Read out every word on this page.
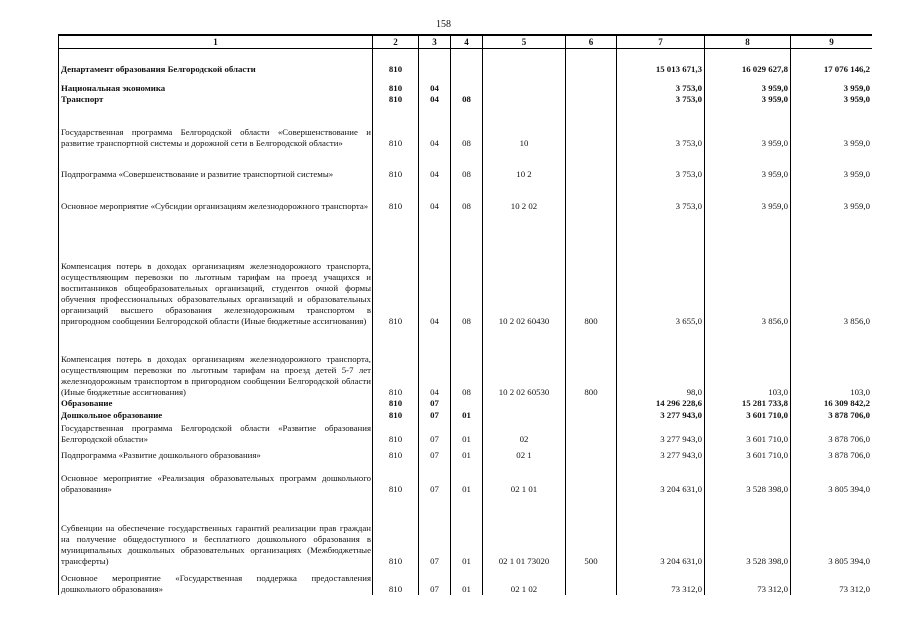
158
1	2	3	4	5	6	7	8	9
Департамент образования Белгородской области	810					15 013 671,3	16 029 627,8	17 076 146,2
Национальная экономика	810	04				3 753,0	3 959,0	3 959,0
Транспорт	810	04	08			3 753,0	3 959,0	3 959,0
Государственная программа Белгородской области «Совершенствование и развитие транспортной системы и дорожной сети в Белгородской области»	810	04	08	10		3 753,0	3 959,0	3 959,0
Подпрограмма «Совершенствование и развитие транспортной системы»	810	04	08	10 2		3 753,0	3 959,0	3 959,0
Основное мероприятие «Субсидии организациям железнодорожного транспорта»	810	04	08	10 2 02		3 753,0	3 959,0	3 959,0
Компенсация потерь в доходах организациям железнодорожного транспорта, осуществляющим перевозки по льготным тарифам на проезд учащихся и воспитанников общеобразовательных организаций, студентов очной формы обучения профессиональных образовательных организаций и образовательных организаций высшего образования железнодорожным транспортом в пригородном сообщении Белгородской области (Иные бюджетные ассигнования)	810	04	08	10 2 02 60430	800	3 655,0	3 856,0	3 856,0
Компенсация потерь в доходах организациям железнодорожного транспорта, осуществляющим перевозки по льготным тарифам на проезд детей 5-7 лет железнодорожным транспортом в пригородном сообщении Белгородской области (Иные бюджетные ассигнования)	810	04	08	10 2 02 60530	800	98,0	103,0	103,0
Образование	810	07				14 296 228,6	15 281 733,8	16 309 842,2
Дошкольное образование	810	07	01			3 277 943,0	3 601 710,0	3 878 706,0
Государственная программа Белгородской области «Развитие образования Белгородской области»	810	07	01	02		3 277 943,0	3 601 710,0	3 878 706,0
Подпрограмма «Развитие дошкольного образования»	810	07	01	02 1		3 277 943,0	3 601 710,0	3 878 706,0
Основное мероприятие «Реализация образовательных программ дошкольного образования»	810	07	01	02 1 01		3 204 631,0	3 528 398,0	3 805 394,0
Субвенции на обеспечение государственных гарантий реализации прав граждан на получение общедоступного и бесплатного дошкольного образования в муниципальных дошкольных образовательных организациях (Межбюджетные трансферты)	810	07	01	02 1 01 73020	500	3 204 631,0	3 528 398,0	3 805 394,0
Основное мероприятие «Государственная поддержка предоставления дошкольного образования»	810	07	01	02 1 02		73 312,0	73 312,0	73 312,0
